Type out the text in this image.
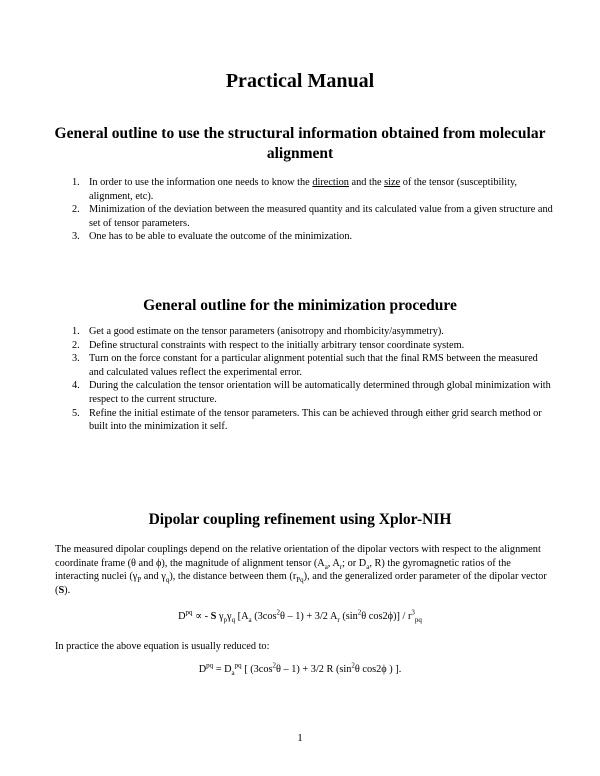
Practical Manual
General outline to use the structural information obtained from molecular alignment
1. In order to use the information one needs to know the direction and the size of the tensor (susceptibility, alignment, etc).
2. Minimization of the deviation between the measured quantity and its calculated value from a given structure and set of tensor parameters.
3. One has to be able to evaluate the outcome of the minimization.
General outline for the minimization procedure
1. Get a good estimate on the tensor parameters (anisotropy and rhombicity/asymmetry).
2. Define structural constraints with respect to the initially arbitrary tensor coordinate system.
3. Turn on the force constant for a particular alignment potential such that the final RMS between the measured and calculated values reflect the experimental error.
4. During the calculation the tensor orientation will be automatically determined through global minimization with respect to the current structure.
5. Refine the initial estimate of the tensor parameters. This can be achieved through either grid search method or built into the minimization it self.
Dipolar coupling refinement using Xplor-NIH

The measured dipolar couplings depend on the relative orientation of the dipolar vectors with respect to the alignment coordinate frame (θ and ϕ), the magnitude of alignment tensor ($A_a$, $A_r$; or $D_a$, R) the gyromagnetic ratios of the interacting nuclei ($\gamma_P$ and $\gamma_q$), the distance between them $(r_{Pq})$, and the generalized order parameter of the dipolar vector (S).

$D^{pq}$ ∝ - S $\gamma_p\gamma_q$ [$A_a$ $(3\cos^2\theta - 1) + 3/2$ $A_r$ ($\sin^2\theta$ $\cos 2\phi)] / r^3_{pq}$

In practice the above equation is usually reduced to:

$D^{pq} = D_a^{pq}$ [ $(3\cos^2\theta - 1) + 3/2$ R ($\sin^2\theta$ cos2ϕ ) ].
1
